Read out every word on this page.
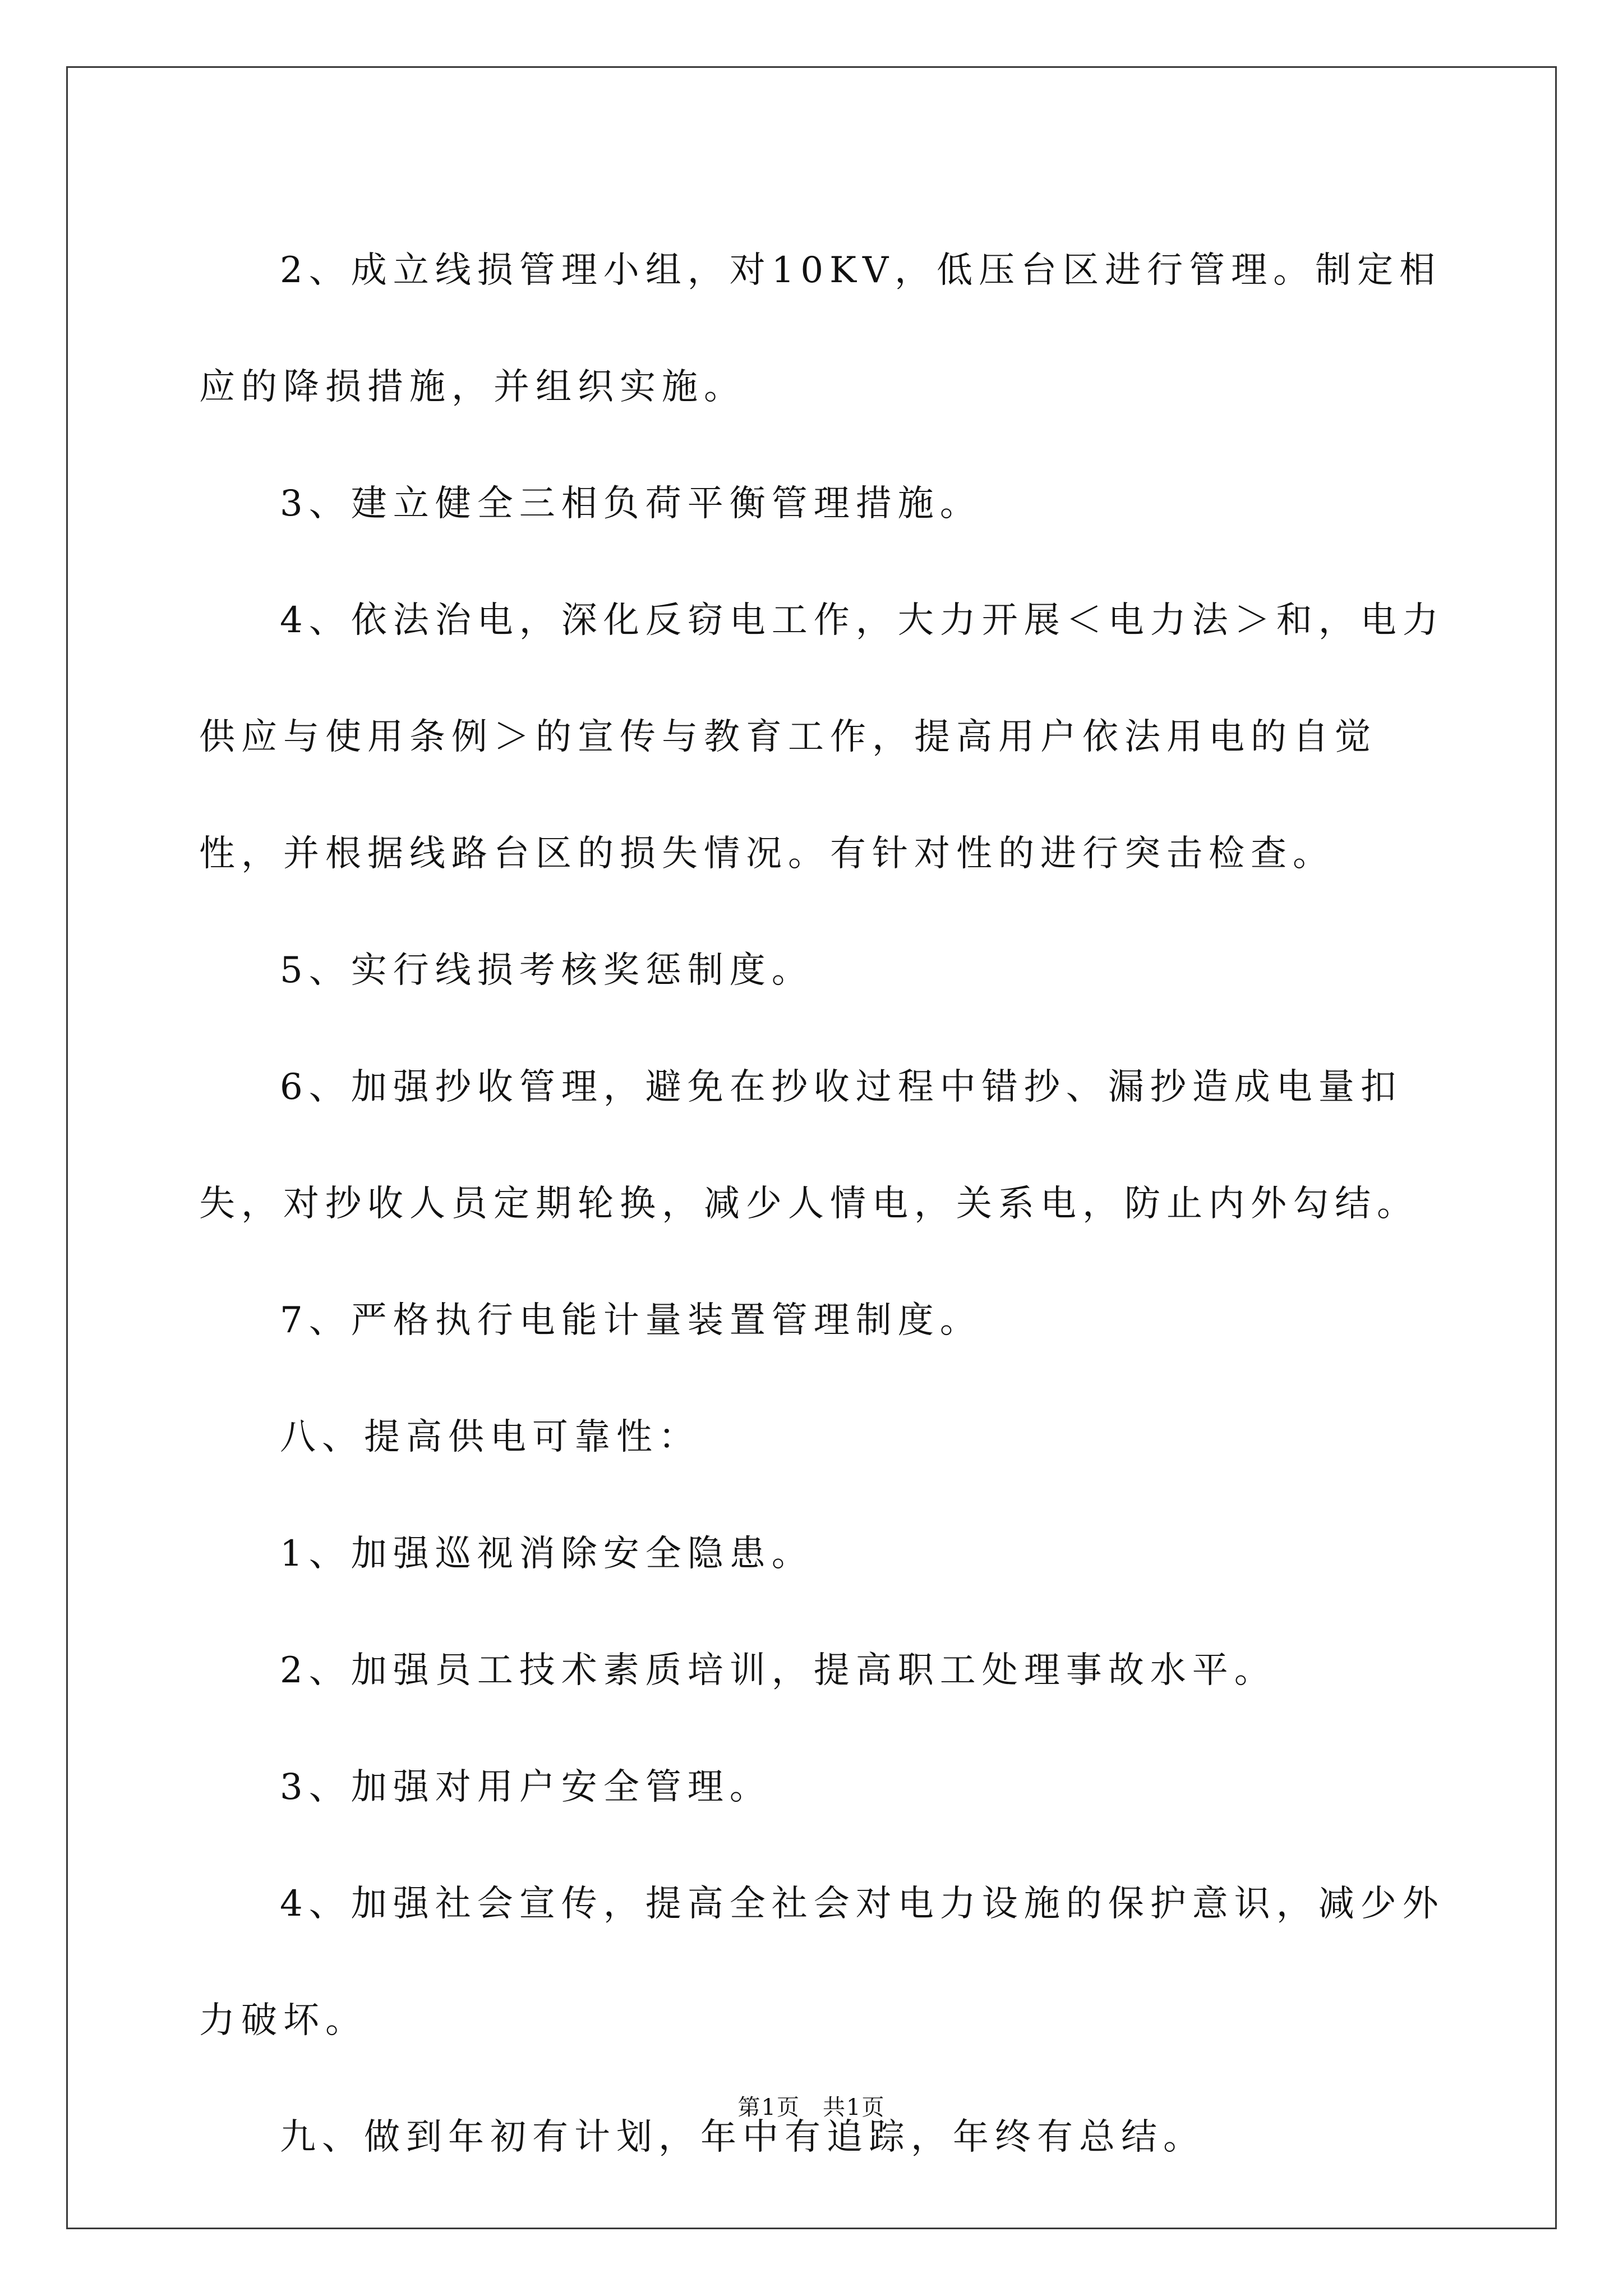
2、成立线损管理小组，对10KV，低压台区进行管理。制定相应的降损措施，并组织实施。

3、建立健全三相负荷平衡管理措施。

4、依法治电，深化反窃电工作，大力开展＜电力法＞和，电力供应与使用条例＞的宣传与教育工作，提高用户依法用电的自觉性，并根据线路台区的损失情况。有针对性的进行突击检查。

5、实行线损考核奖惩制度。

6、加强抄收管理，避免在抄收过程中错抄、漏抄造成电量扣失，对抄收人员定期轮换，减少人情电，关系电，防止内外勾结。

7、严格执行电能计量装置管理制度。

八、提高供电可靠性：

1、加强巡视消除安全隐患。

2、加强员工技术素质培训，提高职工处理事故水平。

3、加强对用户安全管理。

4、加强社会宣传，提高全社会对电力设施的保护意识，减少外力破坏。

九、做到年初有计划，年中有追踪，年终有总结。

第1页 共1页
